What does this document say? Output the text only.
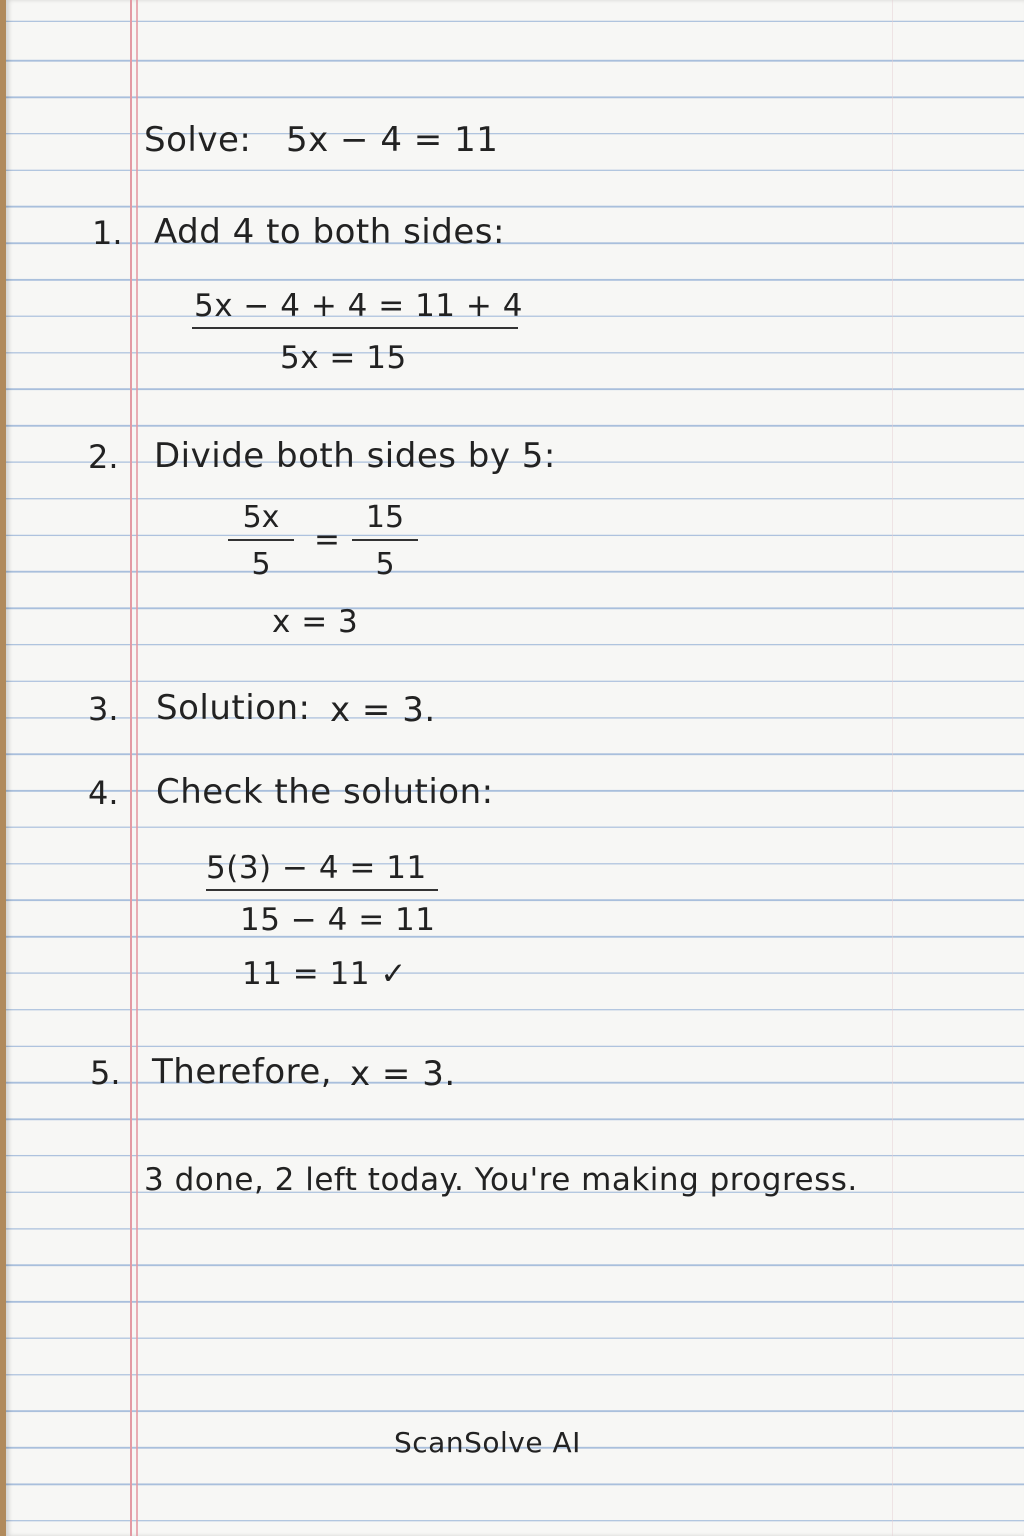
Solve: 5x − 4 = 11
1. Add 4 to both sides:
5x − 4 + 4 = 11 + 4
5x = 15
2. Divide both sides by 5:
$\frac{5x}{5} = \frac{15}{5}$
x = 3
3. Solution: x = 3.
4. Check the solution:
5(3) − 4 = 11
15 − 4 = 11
11 = 11 ✓
5. Therefore, x = 3.
3 done, 2 left today. You're making progress.
ScanSolve AI
